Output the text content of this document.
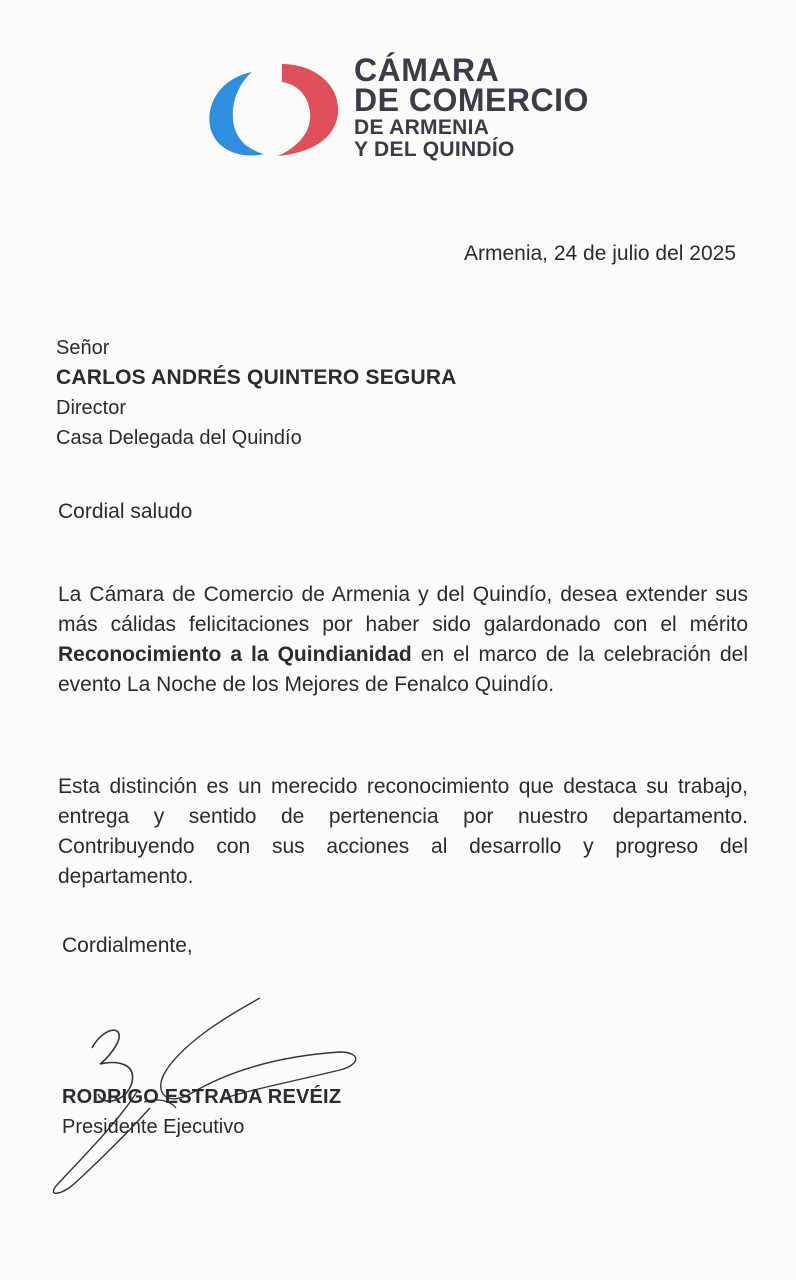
CÁMARA
DE COMERCIO
DE ARMENIA
Y DEL QUINDÍO
Armenia, 24 de julio del 2025
Señor
CARLOS ANDRÉS QUINTERO SEGURA
Director
Casa Delegada del Quindío
Cordial saludo
La Cámara de Comercio de Armenia y del Quindío, desea extender sus más cálidas felicitaciones por haber sido galardonado con el mérito Reconocimiento a la Quindianidad en el marco de la celebración del evento La Noche de los Mejores de Fenalco Quindío.
Esta distinción es un merecido reconocimiento que destaca su trabajo, entrega y sentido de pertenencia por nuestro departamento. Contribuyendo con sus acciones al desarrollo y progreso del departamento.
Cordialmente,
RODRIGO ESTRADA REVÉIZ
Presidente Ejecutivo
